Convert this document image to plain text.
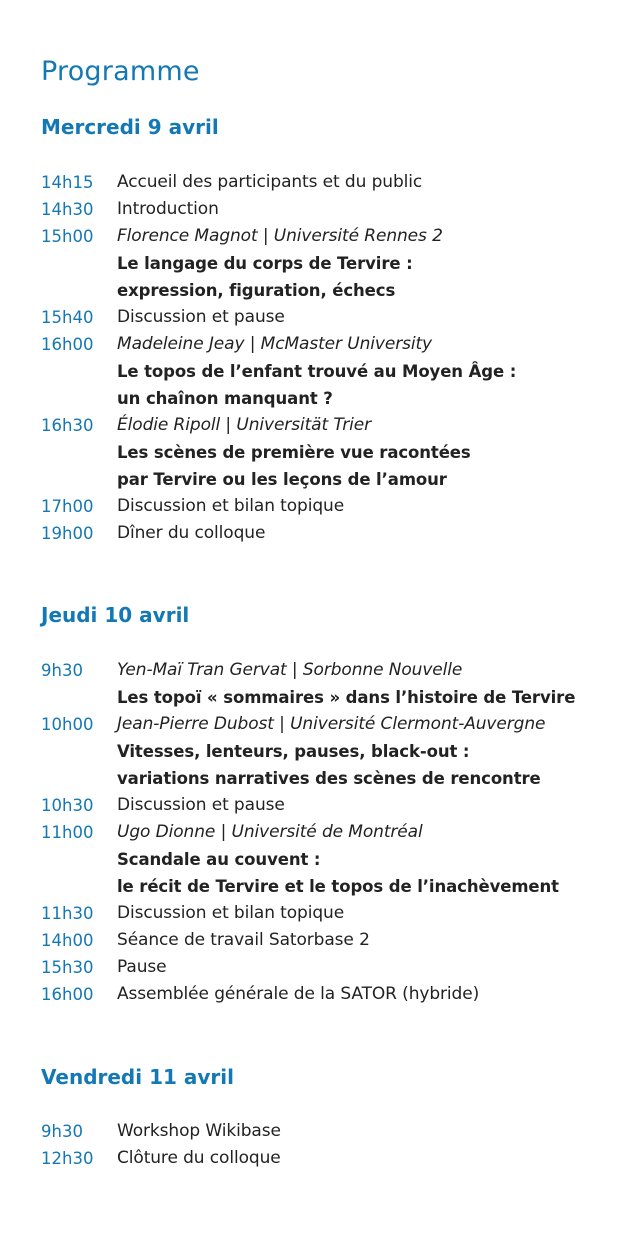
Programme
Mercredi 9 avril
14h15	Accueil des participants et du public
14h30	Introduction
15h00	Florence Magnot | Université Rennes 2
Le langage du corps de Tervire :
expression, figuration, échecs
15h40	Discussion et pause
16h00	Madeleine Jeay | McMaster University
Le topos de l’enfant trouvé au Moyen Âge :
un chaînon manquant ?
16h30	Élodie Ripoll | Universität Trier
Les scènes de première vue racontées
par Tervire ou les leçons de l’amour
17h00	Discussion et bilan topique
19h00	Dîner du colloque
Jeudi 10 avril
9h30	Yen-Maï Tran Gervat | Sorbonne Nouvelle
Les topoï « sommaires » dans l’histoire de Tervire
10h00	Jean-Pierre Dubost | Université Clermont-Auvergne
Vitesses, lenteurs, pauses, black-out :
variations narratives des scènes de rencontre
10h30	Discussion et pause
11h00	Ugo Dionne | Université de Montréal
Scandale au couvent :
le récit de Tervire et le topos de l’inachèvement
11h30	Discussion et bilan topique
14h00	Séance de travail Satorbase 2
15h30	Pause
16h00	Assemblée générale de la SATOR (hybride)
Vendredi 11 avril
9h30	Workshop Wikibase
12h30	Clôture du colloque
